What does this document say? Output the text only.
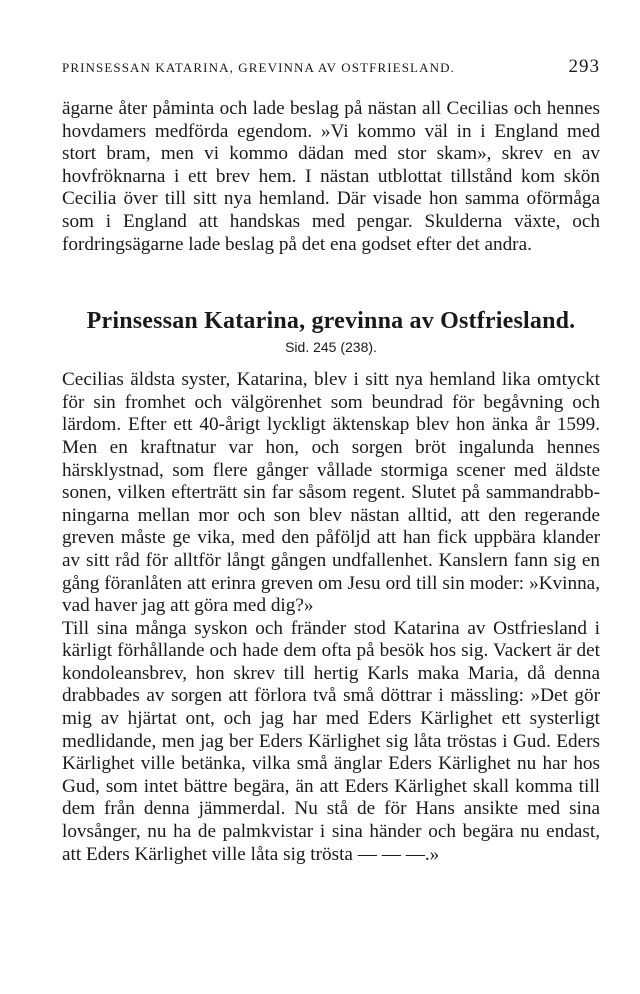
PRINSESSAN KATARINA, GREVINNA AV OSTFRIESLAND.	293

ägarne åter påminta och lade beslag på nästan all Cecilias och hennes hovdamers medförda egendom. »Vi kommo väl in i England med stort bram, men vi kommo dädan med stor skam», skrev en av hovfröknarna i ett brev hem. I nästan utblottat tillstånd kom skön Cecilia över till sitt nya hemland. Där visade hon samma oförmåga som i England att handskas med pengar. Skulderna växte, och fordringsägarne lade beslag på det ena godset efter det andra.

Prinsessan Katarina, grevinna av Ostfriesland.
Sid. 245 (238).

Cecilias äldsta syster, Katarina, blev i sitt nya hemland lika omtyckt för sin fromhet och välgörenhet som beundrad för begåvning och lärdom. Efter ett 40-årigt lyckligt äktenskap blev hon änka år 1599. Men en kraftnatur var hon, och sorgen bröt ingalunda hennes härsklystnad, som flere gånger vållade stormiga scener med äldste sonen, vilken efterträtt sin far såsom regent. Slutet på sammandrabbningarna mellan mor och son blev nästan alltid, att den regerande greven måste ge vika, med den påföljd att han fick uppbära klander av sitt råd för alltför långt gången undfallenhet. Kanslern fann sig en gång föranlåten att erinra greven om Jesu ord till sin moder: »Kvinna, vad haver jag att göra med dig?»

Till sina många syskon och fränder stod Katarina av Ostfriesland i kärligt förhållande och hade dem ofta på besök hos sig. Vackert är det kondoleansbrev, hon skrev till hertig Karls maka Maria, då denna drabbades av sorgen att förlora två små döttrar i mässling: »Det gör mig av hjärtat ont, och jag har med Eders Kärlighet ett systerligt medlidande, men jag ber Eders Kärlighet sig låta tröstas i Gud. Eders Kärlighet ville betänka, vilka små änglar Eders Kärlighet nu har hos Gud, som intet bättre begära, än att Eders Kärlighet skall komma till dem från denna jämmerdal. Nu stå de för Hans ansikte med sina lovsånger, nu ha de palmkvistar i sina händer och begära nu endast, att Eders Kärlighet ville låta sig trösta — — —.»
